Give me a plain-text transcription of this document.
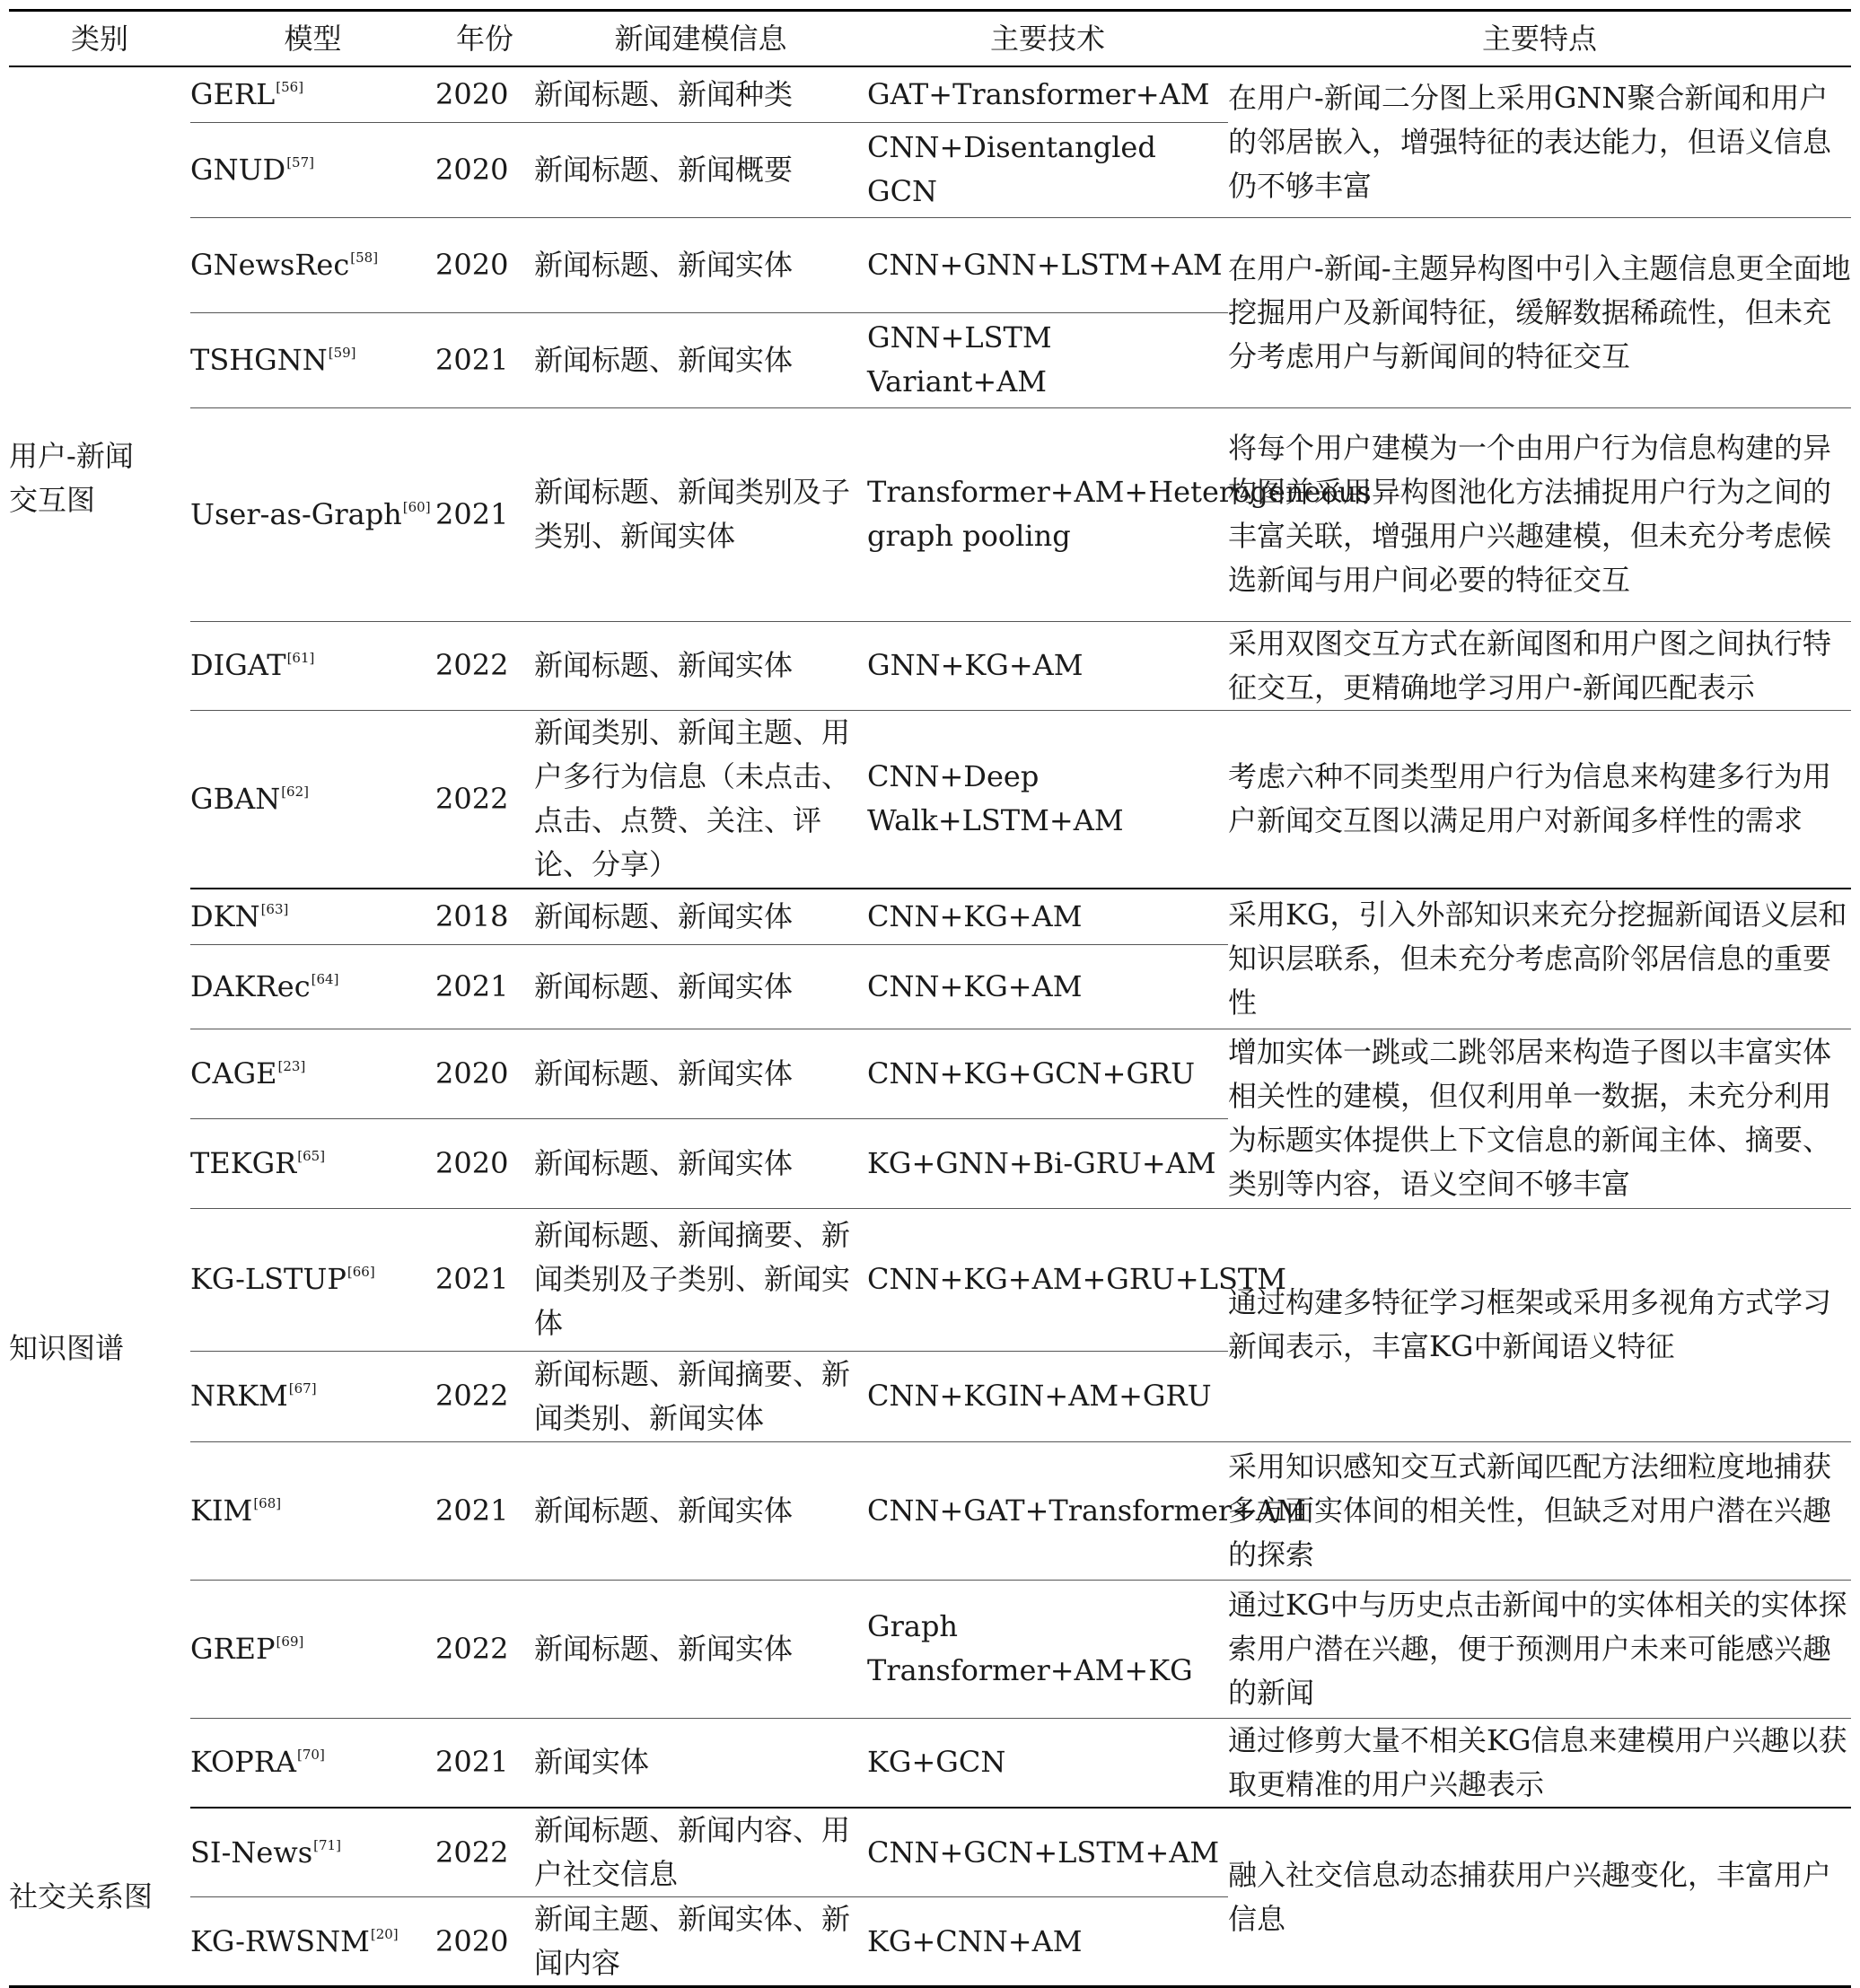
类别	模型	年份	新闻建模信息	主要技术	主要特点

用户-新闻交互图	GERL[56]	2020	新闻标题、新闻种类	GAT+Transformer+AM	在用户-新闻二分图上采用GNN聚合新闻和用户的邻居嵌入，增强特征的表达能力，但语义信息仍不够丰富
	GNUD[57]	2020	新闻标题、新闻概要	CNN+Disentangled GCN	
	GNewsRec[58]	2020	新闻标题、新闻实体	CNN+GNN+LSTM+AM	在用户-新闻-主题异构图中引入主题信息更全面地挖掘用户及新闻特征，缓解数据稀疏性，但未充分考虑用户与新闻间的特征交互
	TSHGNN[59]	2021	新闻标题、新闻实体	GNN+LSTM Variant+AM	
	User-as-Graph[60]	2021	新闻标题、新闻类别及子类别、新闻实体	Transformer+AM+Heterogeneous graph pooling	将每个用户建模为一个由用户行为信息构建的异构图并采用异构图池化方法捕捉用户行为之间的丰富关联，增强用户兴趣建模，但未充分考虑候选新闻与用户间必要的特征交互
	DIGAT[61]	2022	新闻标题、新闻实体	GNN+KG+AM	采用双图交互方式在新闻图和用户图之间执行特征交互，更精确地学习用户-新闻匹配表示
	GBAN[62]	2022	新闻类别、新闻主题、用户多行为信息（未点击、点击、点赞、关注、评论、分享）	CNN+Deep Walk+LSTM+AM	考虑六种不同类型用户行为信息来构建多行为用户新闻交互图以满足用户对新闻多样性的需求

知识图谱	DKN[63]	2018	新闻标题、新闻实体	CNN+KG+AM	采用KG，引入外部知识来充分挖掘新闻语义层和知识层联系，但未充分考虑高阶邻居信息的重要性
	DAKRec[64]	2021	新闻标题、新闻实体	CNN+KG+AM	
	CAGE[23]	2020	新闻标题、新闻实体	CNN+KG+GCN+GRU	增加实体一跳或二跳邻居来构造子图以丰富实体相关性的建模，但仅利用单一数据，未充分利用为标题实体提供上下文信息的新闻主体、摘要、类别等内容，语义空间不够丰富
	TEKGR[65]	2020	新闻标题、新闻实体	KG+GNN+Bi-GRU+AM	
	KG-LSTUP[66]	2021	新闻标题、新闻摘要、新闻类别及子类别、新闻实体	CNN+KG+AM+GRU+LSTM	通过构建多特征学习框架或采用多视角方式学习新闻表示，丰富KG中新闻语义特征
	NRKM[67]	2022	新闻标题、新闻摘要、新闻类别、新闻实体	CNN+KGIN+AM+GRU	
	KIM[68]	2021	新闻标题、新闻实体	CNN+GAT+Transformer+AM	采用知识感知交互式新闻匹配方法细粒度地捕获多方面实体间的相关性，但缺乏对用户潜在兴趣的探索
	GREP[69]	2022	新闻标题、新闻实体	Graph Transformer+AM+KG	通过KG中与历史点击新闻中的实体相关的实体探索用户潜在兴趣，便于预测用户未来可能感兴趣的新闻
	KOPRA[70]	2021	新闻实体	KG+GCN	通过修剪大量不相关KG信息来建模用户兴趣以获取更精准的用户兴趣表示

社交关系图	SI-News[71]	2022	新闻标题、新闻内容、用户社交信息	CNN+GCN+LSTM+AM	融入社交信息动态捕获用户兴趣变化，丰富用户信息
	KG-RWSNM[20]	2020	新闻主题、新闻实体、新闻内容	KG+CNN+AM	
